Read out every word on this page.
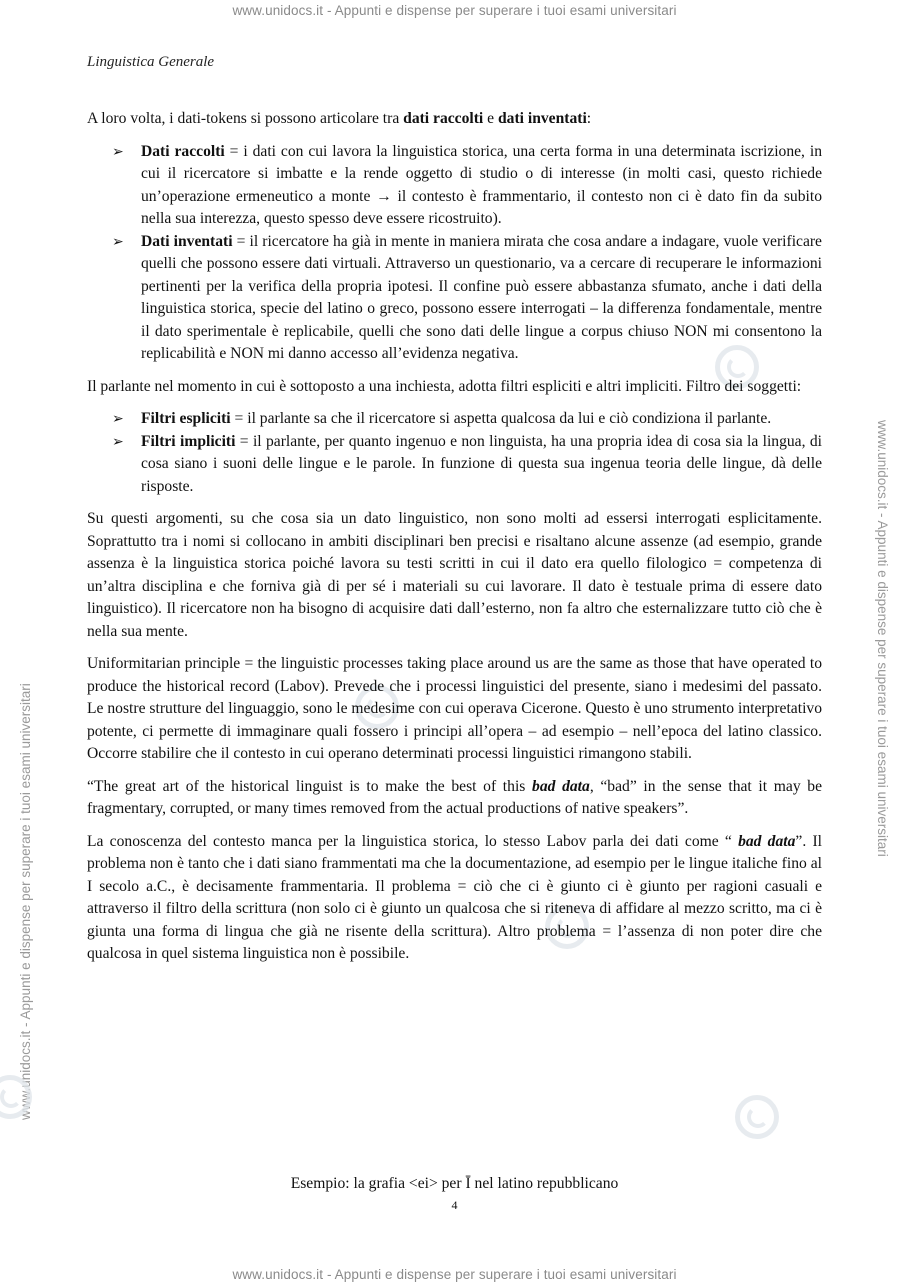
www.unidocs.it - Appunti e dispense per superare i tuoi esami universitari
www.unidocs.it - Appunti e dispense per superare i tuoi esami universitari
www.unidocs.it - Appunti e dispense per superare i tuoi esami universitari
www.unidocs.it - Appunti e dispense per superare i tuoi esami universitari
Linguistica Generale

A loro volta, i dati-tokens si possono articolare tra dati raccolti e dati inventati:

➢ Dati raccolti = i dati con cui lavora la linguistica storica, una certa forma in una determinata iscrizione, in cui il ricercatore si imbatte e la rende oggetto di studio o di interesse (in molti casi, questo richiede un’operazione ermeneutico a monte → il contesto è frammentario, il contesto non ci è dato fin da subito nella sua interezza, questo spesso deve essere ricostruito).
➢ Dati inventati = il ricercatore ha già in mente in maniera mirata che cosa andare a indagare, vuole verificare quelli che possono essere dati virtuali. Attraverso un questionario, va a cercare di recuperare le informazioni pertinenti per la verifica della propria ipotesi. Il confine può essere abbastanza sfumato, anche i dati della linguistica storica, specie del latino o greco, possono essere interrogati – la differenza fondamentale, mentre il dato sperimentale è replicabile, quelli che sono dati delle lingue a corpus chiuso NON mi consentono la replicabilità e NON mi danno accesso all’evidenza negativa.

Il parlante nel momento in cui è sottoposto a una inchiesta, adotta filtri espliciti e altri impliciti. Filtro dei soggetti:

➢ Filtri espliciti = il parlante sa che il ricercatore si aspetta qualcosa da lui e ciò condiziona il parlante.
➢ Filtri impliciti = il parlante, per quanto ingenuo e non linguista, ha una propria idea di cosa sia la lingua, di cosa siano i suoni delle lingue e le parole. In funzione di questa sua ingenua teoria delle lingue, dà delle risposte.

Su questi argomenti, su che cosa sia un dato linguistico, non sono molti ad essersi interrogati esplicitamente. Soprattutto tra i nomi si collocano in ambiti disciplinari ben precisi e risaltano alcune assenze (ad esempio, grande assenza è la linguistica storica poiché lavora su testi scritti in cui il dato era quello filologico = competenza di un’altra disciplina e che forniva già di per sé i materiali su cui lavorare. Il dato è testuale prima di essere dato linguistico). Il ricercatore non ha bisogno di acquisire dati dall’esterno, non fa altro che esternalizzare tutto ciò che è nella sua mente.

Uniformitarian principle = the linguistic processes taking place around us are the same as those that have operated to produce the historical record (Labov). Prevede che i processi linguistici del presente, siano i medesimi del passato. Le nostre strutture del linguaggio, sono le medesime con cui operava Cicerone. Questo è uno strumento interpretativo potente, ci permette di immaginare quali fossero i principi all’opera – ad esempio – nell’epoca del latino classico. Occorre stabilire che il contesto in cui operano determinati processi linguistici rimangono stabili.

“The great art of the historical linguist is to make the best of this bad data, “bad” in the sense that it may be fragmentary, corrupted, or many times removed from the actual productions of native speakers”.

La conoscenza del contesto manca per la linguistica storica, lo stesso Labov parla dei dati come “ bad data”. Il problema non è tanto che i dati siano frammentati ma che la documentazione, ad esempio per le lingue italiche fino al I secolo a.C., è decisamente frammentaria. Il problema = ciò che ci è giunto ci è giunto per ragioni casuali e attraverso il filtro della scrittura (non solo ci è giunto un qualcosa che si riteneva di affidare al mezzo scritto, ma ci è giunta una forma di lingua che già ne risente della scrittura). Altro problema = l’assenza di non poter dire che qualcosa in quel sistema linguistica non è possibile.

Esempio: la grafia <ei> per Ī nel latino repubblicano
4
